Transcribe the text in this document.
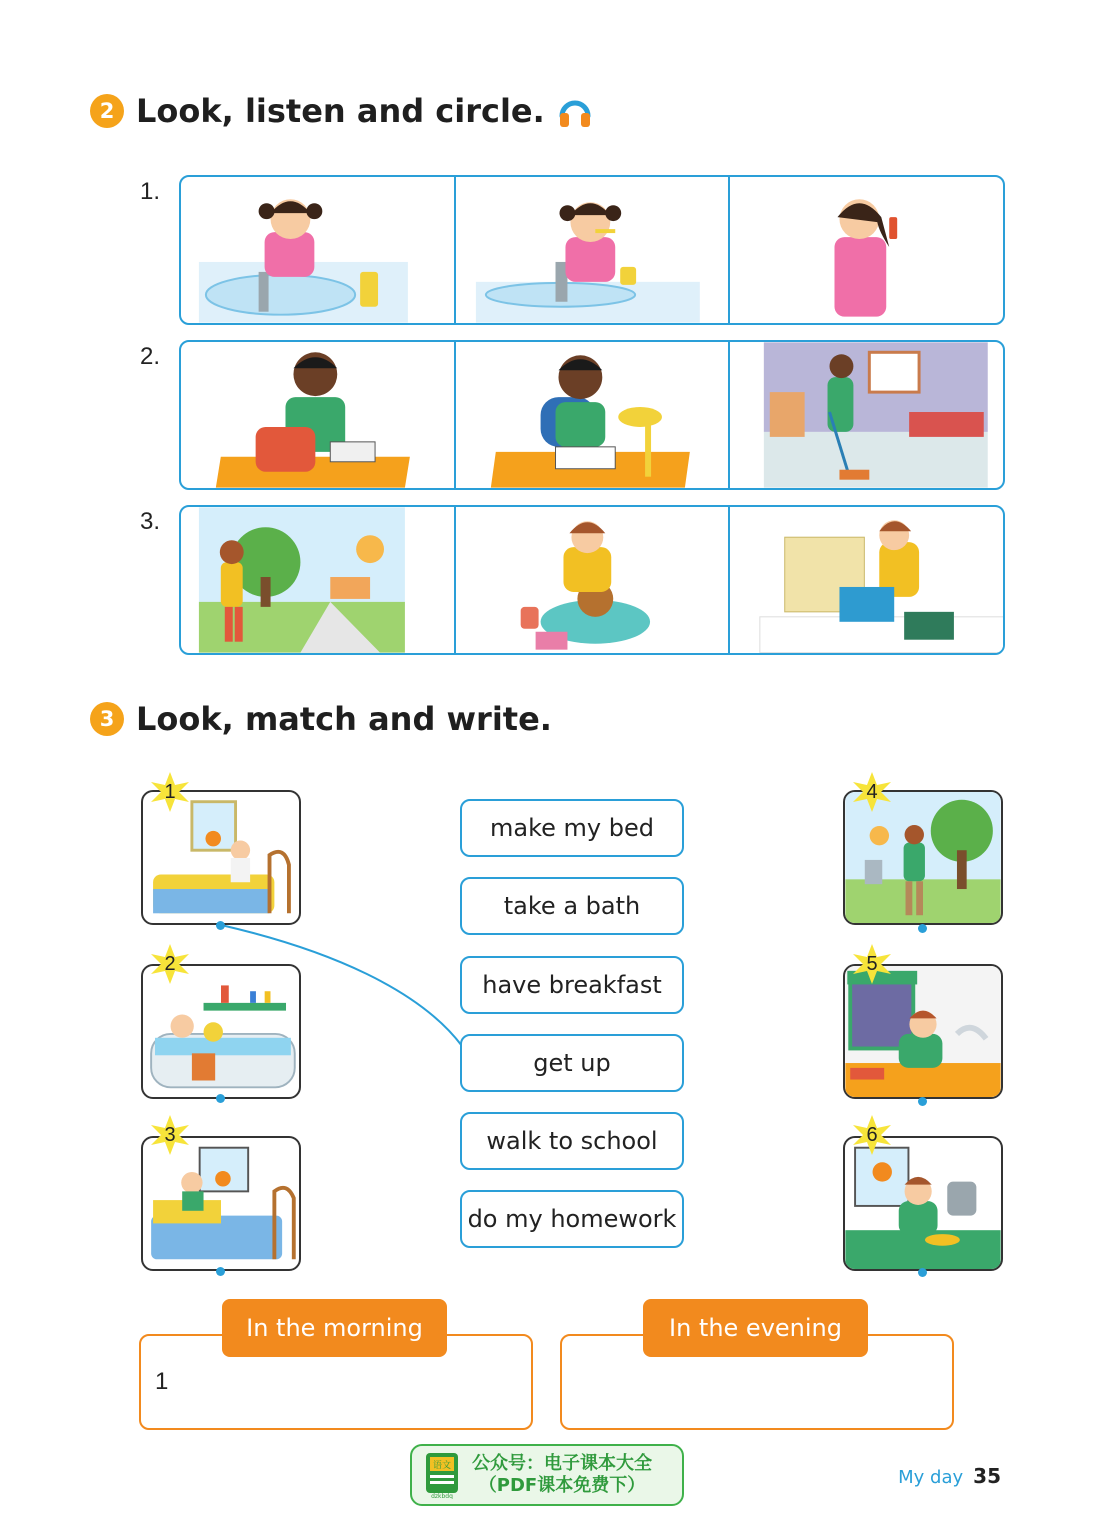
2 Look, listen and circle.
1.
2.
3.
3 Look, match and write.
1
2
3
make my bed
take a bath
have breakfast
get up
walk to school
do my homework
4
5
6
1
In the morning	In the evening
语文
dzkbdq
公众号：电子课本大全
（PDF课本免费下）	My day 35
